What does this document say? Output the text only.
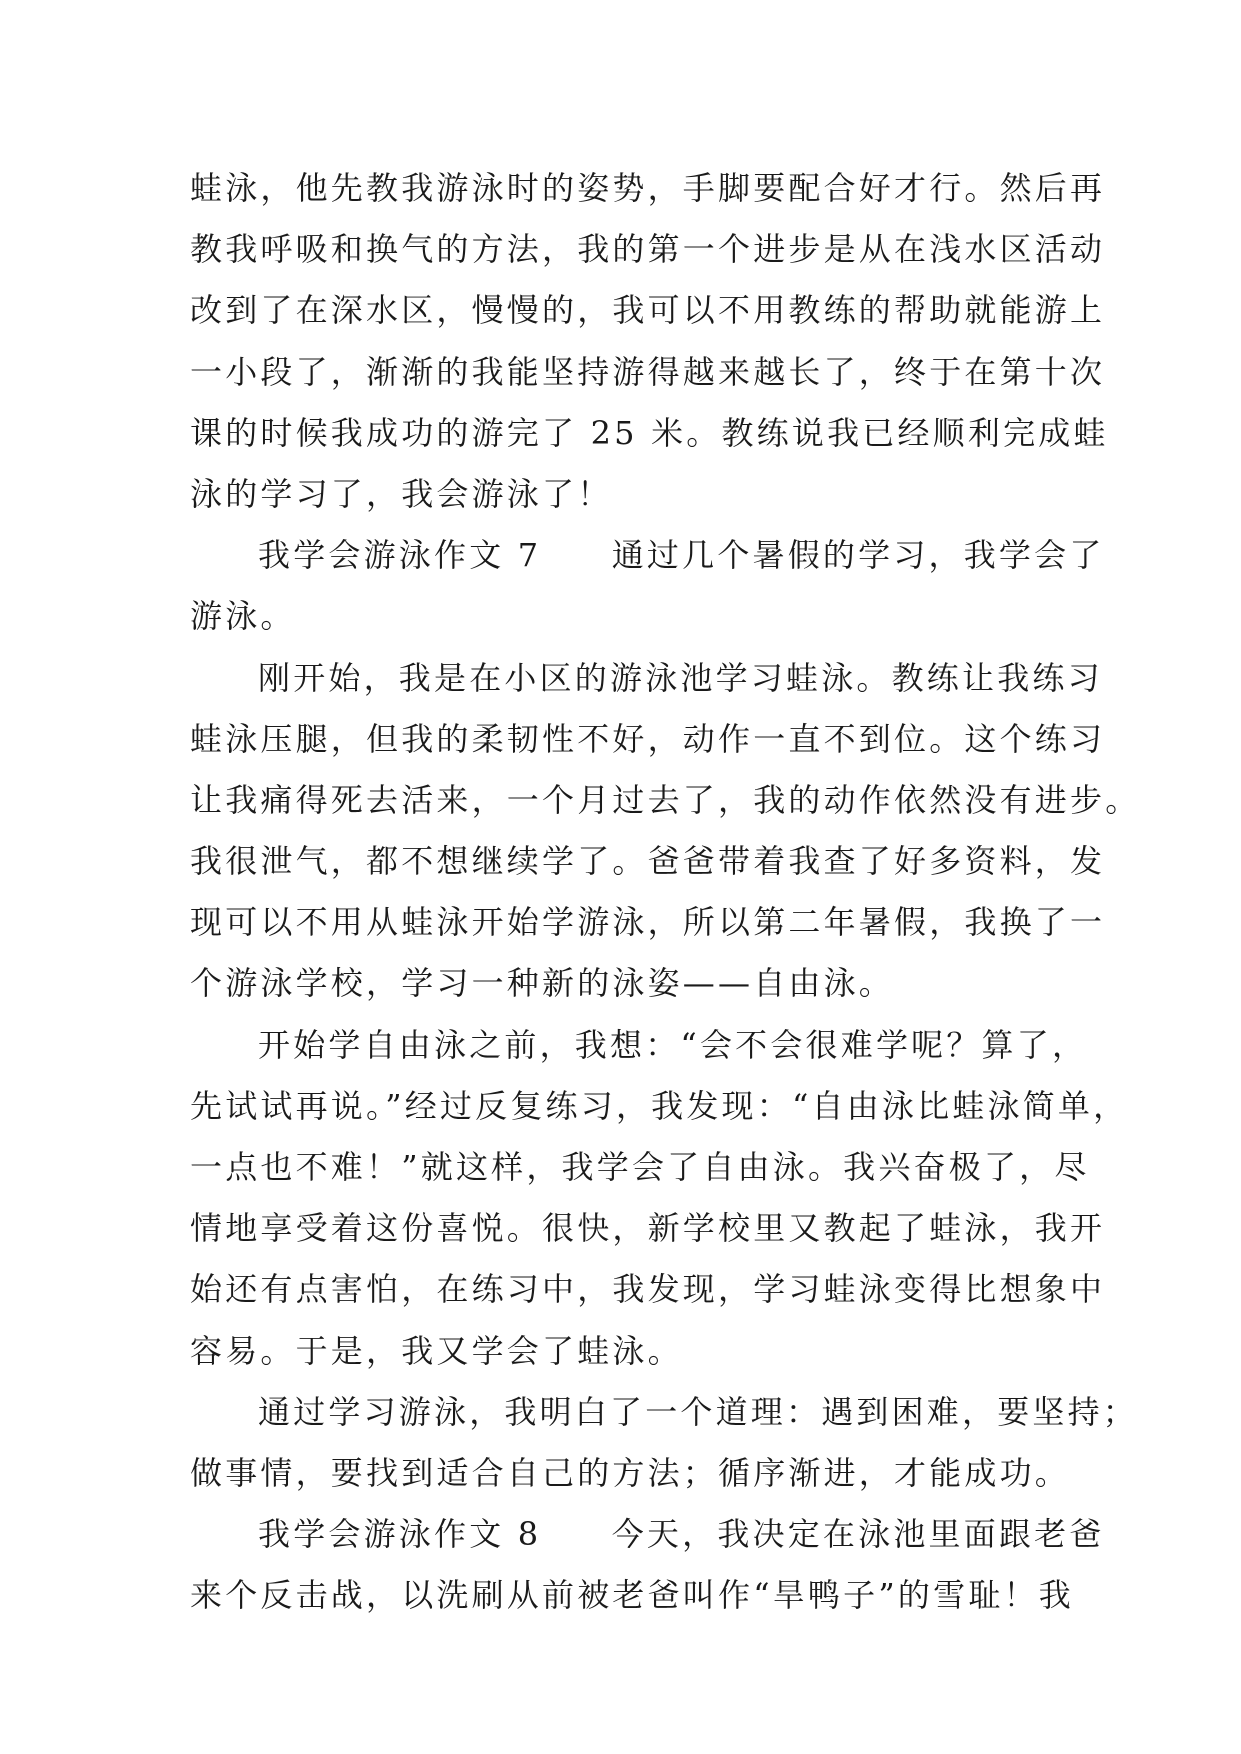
蛙泳，他先教我游泳时的姿势，手脚要配合好才行。然后再
教我呼吸和换气的方法，我的第一个进步是从在浅水区活动
改到了在深水区，慢慢的，我可以不用教练的帮助就能游上
一小段了，渐渐的我能坚持游得越来越长了，终于在第十次
课的时候我成功的游完了 25 米。教练说我已经顺利完成蛙
泳的学习了，我会游泳了！
我学会游泳作文 7　　通过几个暑假的学习，我学会了
游泳。
刚开始，我是在小区的游泳池学习蛙泳。教练让我练习
蛙泳压腿，但我的柔韧性不好，动作一直不到位。这个练习
让我痛得死去活来，一个月过去了，我的动作依然没有进步。
我很泄气，都不想继续学了。爸爸带着我查了好多资料，发
现可以不用从蛙泳开始学游泳，所以第二年暑假，我换了一
个游泳学校，学习一种新的泳姿——自由泳。
开始学自由泳之前，我想：“会不会很难学呢？算了，
先试试再说。”经过反复练习，我发现：“自由泳比蛙泳简单，
一点也不难！”就这样，我学会了自由泳。我兴奋极了，尽
情地享受着这份喜悦。很快，新学校里又教起了蛙泳，我开
始还有点害怕，在练习中，我发现，学习蛙泳变得比想象中
容易。于是，我又学会了蛙泳。
通过学习游泳，我明白了一个道理：遇到困难，要坚持；
做事情，要找到适合自己的方法；循序渐进，才能成功。
我学会游泳作文 8　　今天，我决定在泳池里面跟老爸
来个反击战，以洗刷从前被老爸叫作“旱鸭子”的雪耻！我
